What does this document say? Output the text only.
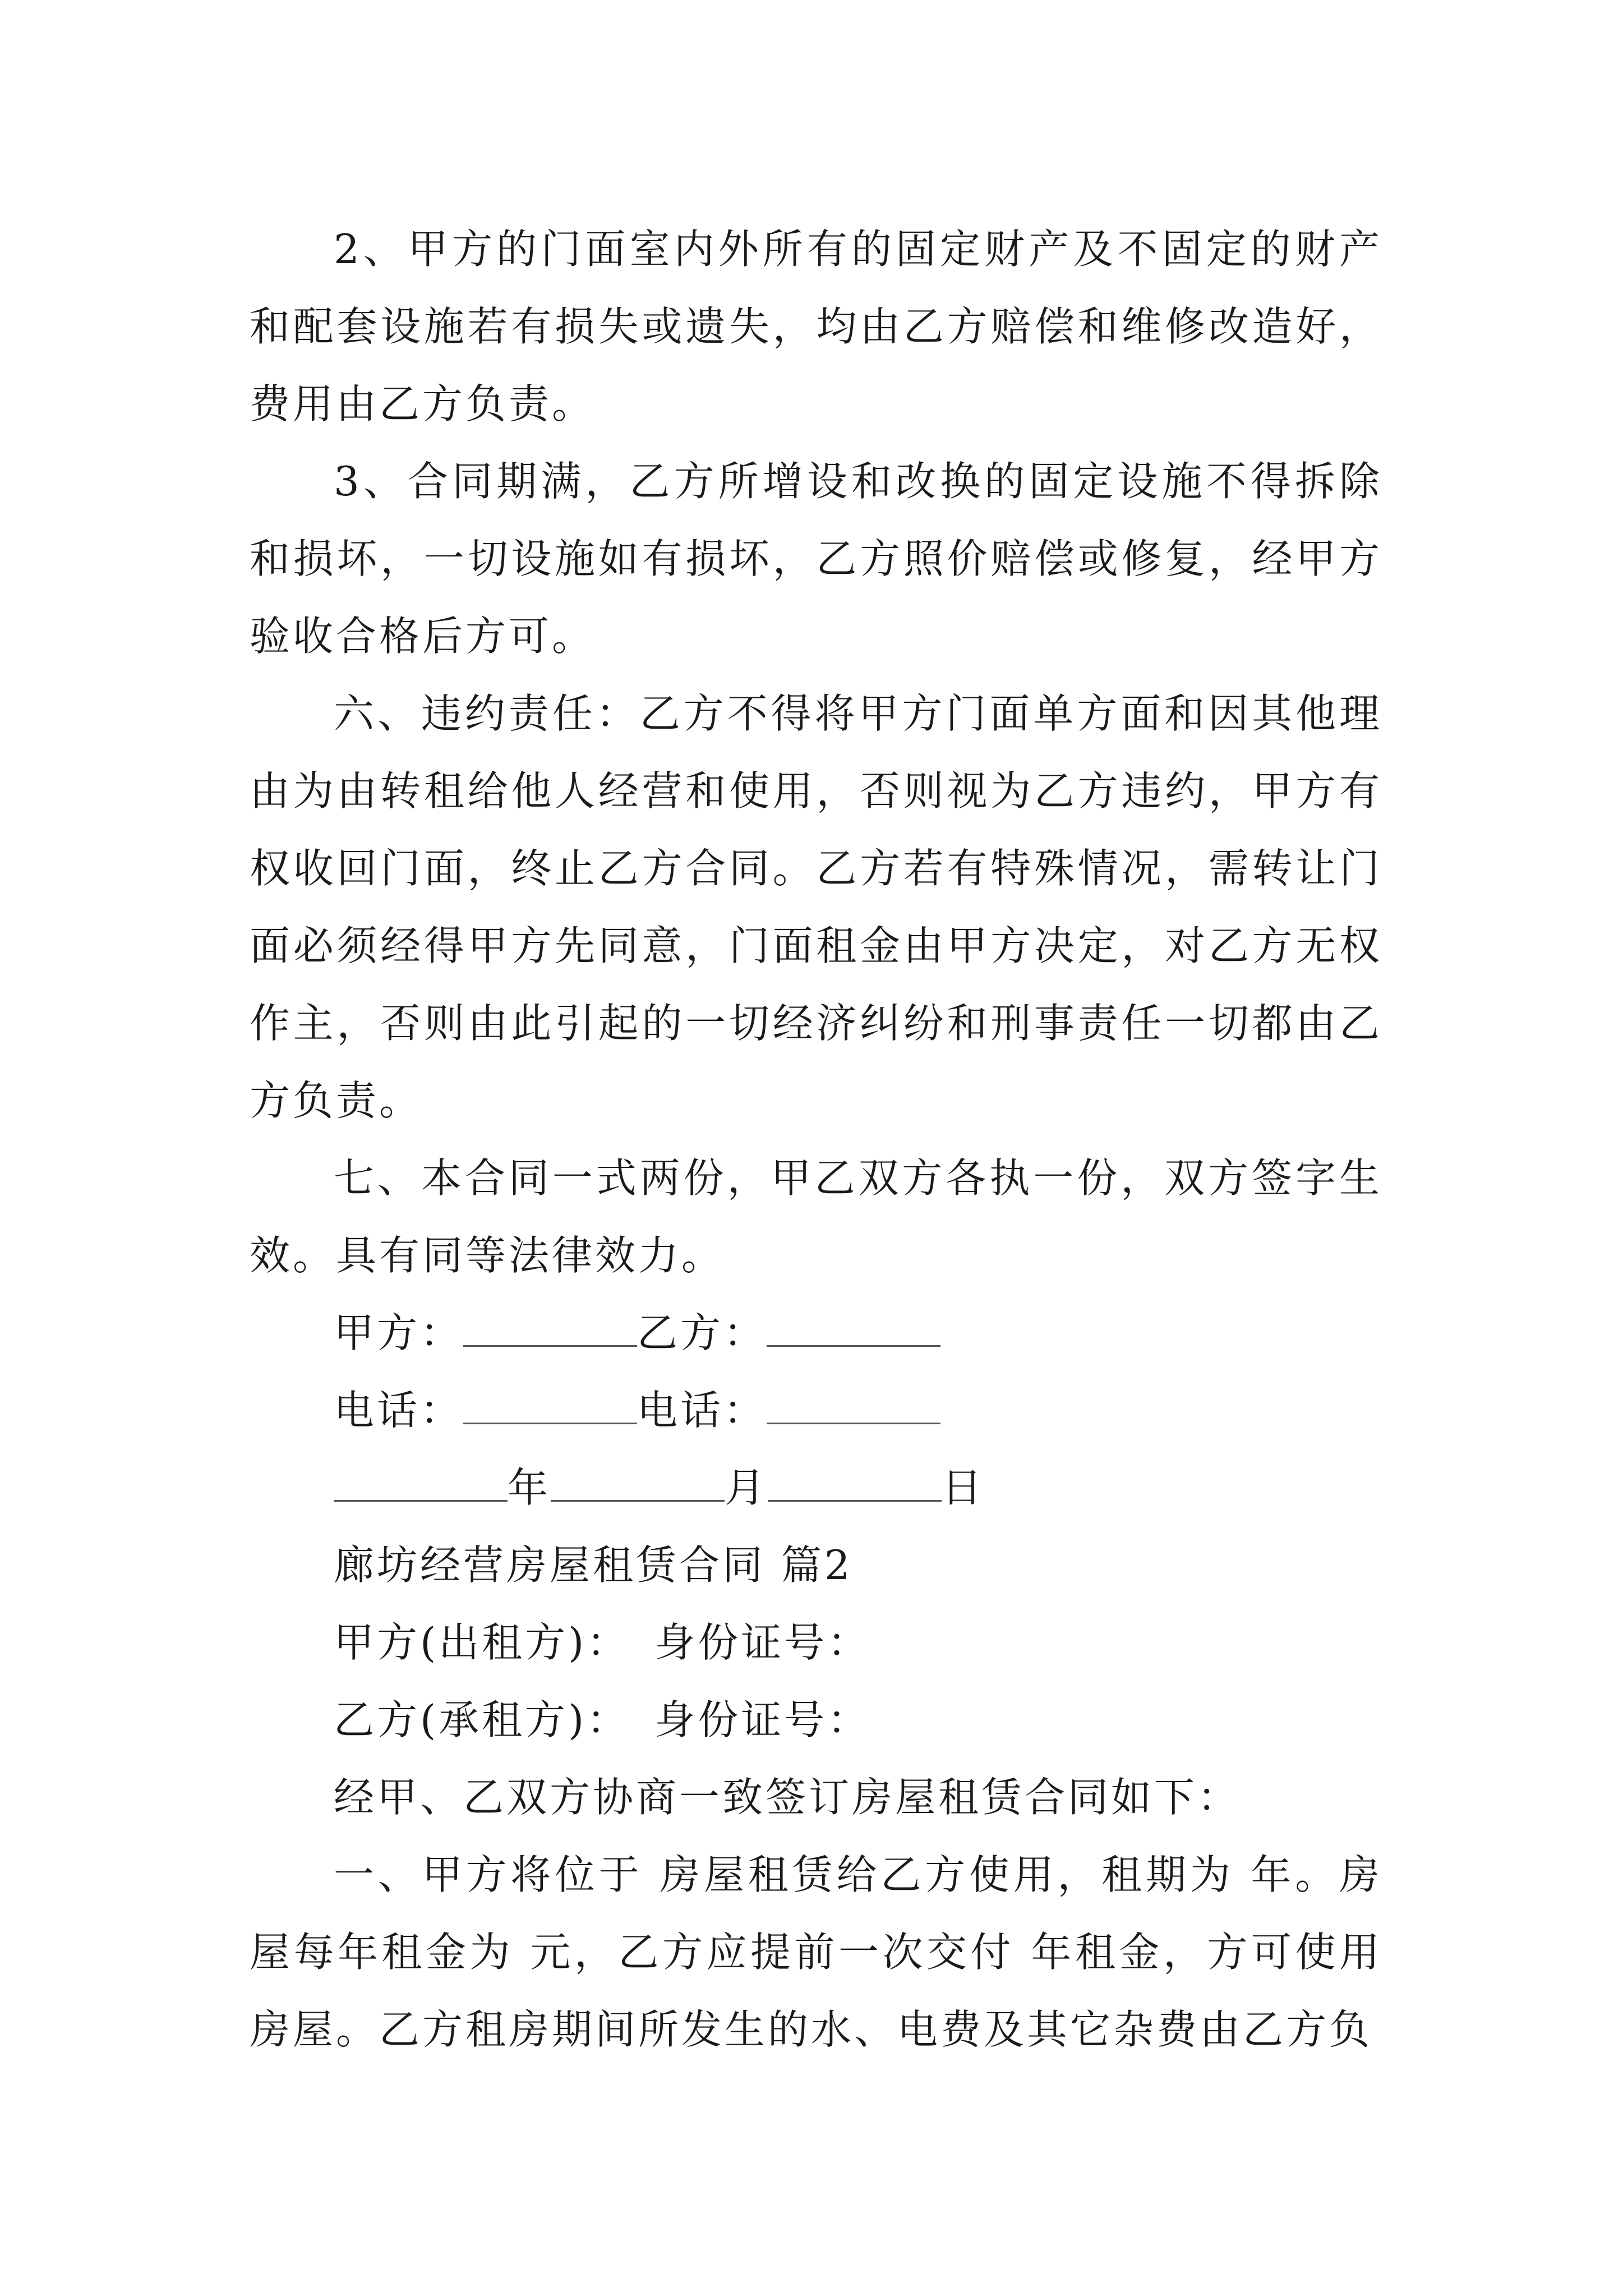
2、甲方的门面室内外所有的固定财产及不固定的财产和配套设施若有损失或遗失，均由乙方赔偿和维修改造好，费用由乙方负责。

3、合同期满，乙方所增设和改换的固定设施不得拆除和损坏，一切设施如有损坏，乙方照价赔偿或修复，经甲方验收合格后方可。

六、违约责任：乙方不得将甲方门面单方面和因其他理由为由转租给他人经营和使用，否则视为乙方违约，甲方有权收回门面，终止乙方合同。乙方若有特殊情况，需转让门面必须经得甲方先同意，门面租金由甲方决定，对乙方无权作主，否则由此引起的一切经济纠纷和刑事责任一切都由乙方负责。

七、本合同一式两份，甲乙双方各执一份，双方签字生效。具有同等法律效力。

甲方：	乙方：
电话：	电话：
年	月	日
廊坊经营房屋租赁合同 篇2
甲方(出租方)： 身份证号：
乙方(承租方)： 身份证号：
经甲、乙双方协商一致签订房屋租赁合同如下：

一、甲方将位于 房屋租赁给乙方使用，租期为 年。房屋每年租金为 元，乙方应提前一次交付 年租金，方可使用房屋。乙方租房期间所发生的水、电费及其它杂费由乙方负
